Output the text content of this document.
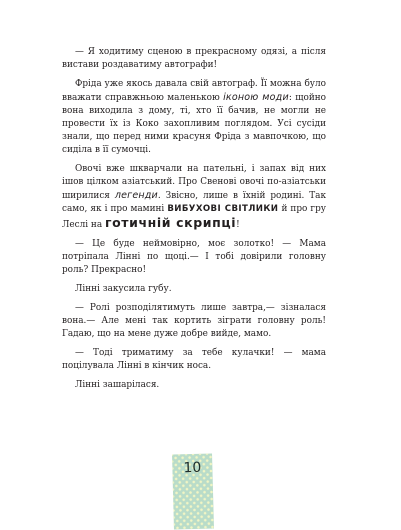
— Я ходитиму сценою в прекрасному одязі, а після вистави роздаватиму автографи!

Фріда уже якось давала свій автограф. Її можна було вважати справжньою маленькою іконою моди: щойно вона виходила з дому, ті, хто її бачив, не могли не провести їх із Коко захопливим поглядом. Усі сусіди знали, що перед ними красуня Фріда з мавпочкою, що сиділа в її сумочці.

Овочі вже шкварчали на пательні, і запах від них ішов цілком азіатський. Про Свенові овочі по-азіатськи ширилися легенди. Звісно, лише в їхній родині. Так само, як і про мамині ВИБУХОВІ СВІТЛИКИ й про гру Леслі на готичній скрипці!

— Це буде неймовірно, моє золотко! — Мама потріпала Лінні по щоці.— І тобі довірили головну роль? Прекрасно!

Лінні закусила губу.

— Ролі розподілятимуть лише завтра,— зізналася вона.— Але мені так кортить зіграти головну роль! Гадаю, що на мене дуже добре вийде, мамо.

— Тоді триматиму за тебе кулачки! — мама поцілувала Лінні в кінчик носа.

Лінні зашарілася.

10
